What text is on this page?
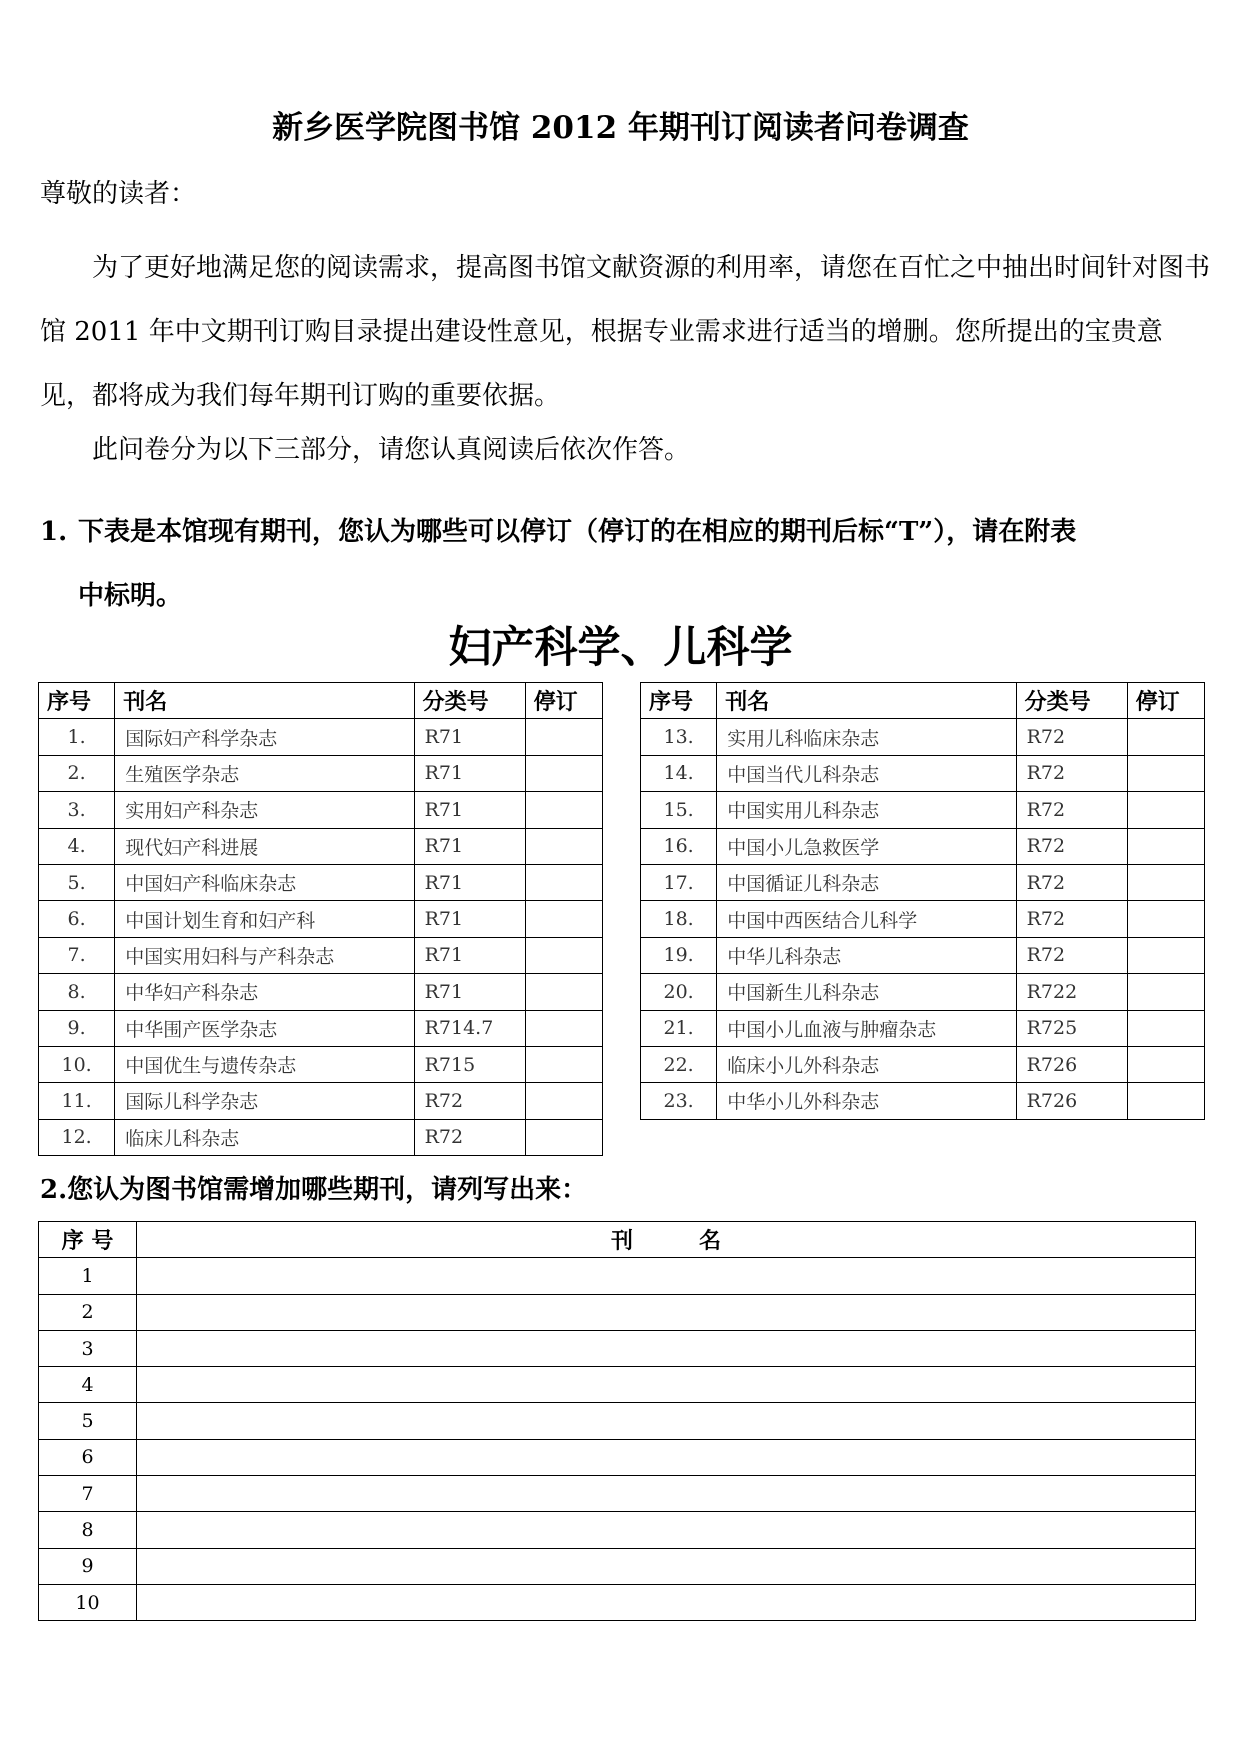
新乡医学院图书馆 2012 年期刊订阅读者问卷调查
尊敬的读者：

为了更好地满足您的阅读需求，提高图书馆文献资源的利用率，请您在百忙之中抽出时间针对图书馆 2011 年中文期刊订购目录提出建设性意见，根据专业需求进行适当的增删。您所提出的宝贵意见，都将成为我们每年期刊订购的重要依据。

此问卷分为以下三部分，请您认真阅读后依次作答。

1. 下表是本馆现有期刊，您认为哪些可以停订（停订的在相应的期刊后标“T”），请在附表
中标明。

妇产科学、儿科学
序号	刊名	分类号	停订
1.	国际妇产科学杂志	R71	
2.	生殖医学杂志	R71	
3.	实用妇产科杂志	R71	
4.	现代妇产科进展	R71	
5.	中国妇产科临床杂志	R71	
6.	中国计划生育和妇产科	R71	
7.	中国实用妇科与产科杂志	R71	
8.	中华妇产科杂志	R71	
9.	中华围产医学杂志	R714.7	
10.	中国优生与遗传杂志	R715	
11.	国际儿科学杂志	R72	
12.	临床儿科杂志	R72	
序号	刊名	分类号	停订
13.	实用儿科临床杂志	R72	
14.	中国当代儿科杂志	R72	
15.	中国实用儿科杂志	R72	
16.	中国小儿急救医学	R72	
17.	中国循证儿科杂志	R72	
18.	中国中西医结合儿科学	R72	
19.	中华儿科杂志	R72	
20.	中国新生儿科杂志	R722	
21.	中国小儿血液与肿瘤杂志	R725	
22.	临床小儿外科杂志	R726	
23.	中华小儿外科杂志	R726	
2.您认为图书馆需增加哪些期刊，请列写出来：
序 号	刊　　　名
1	
2	
3	
4	
5	
6	
7	
8	
9	
10	
